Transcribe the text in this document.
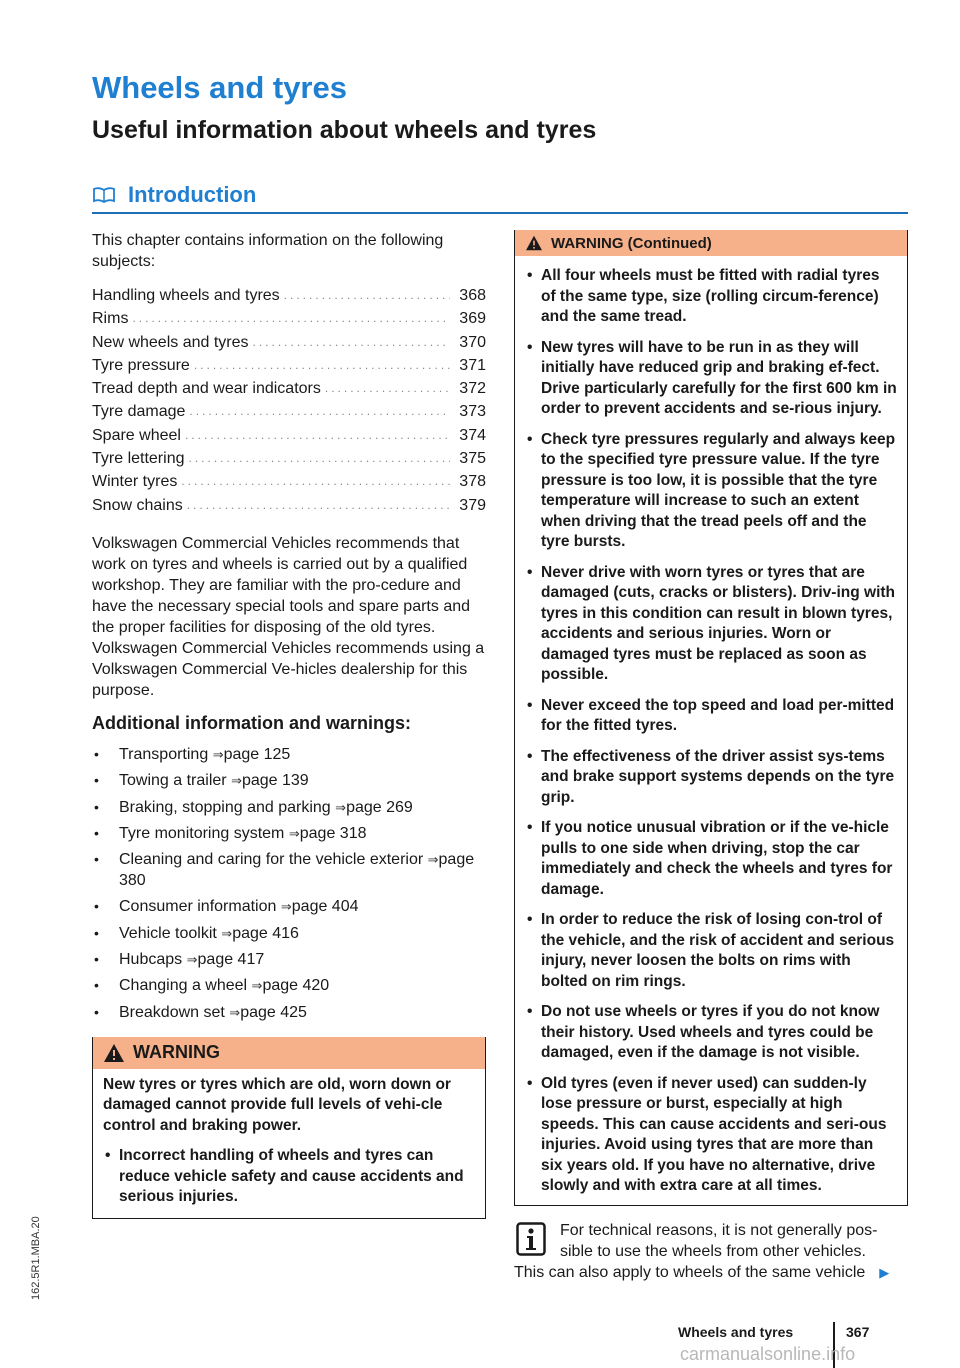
Wheels and tyres
Useful information about wheels and tyres
Introduction

This chapter contains information on the following subjects:

Handling wheels and tyres .....	368
Rims .....	369
New wheels and tyres .....	370
Tyre pressure .....	371
Tread depth and wear indicators .....	372
Tyre damage .....	373
Spare wheel .....	374
Tyre lettering .....	375
Winter tyres .....	378
Snow chains .....	379

Volkswagen Commercial Vehicles recommends that work on tyres and wheels is carried out by a qualified workshop. They are familiar with the pro-cedure and have the necessary special tools and spare parts and the proper facilities for disposing of the old tyres. Volkswagen Commercial Vehicles recommends using a Volkswagen Commercial Ve-hicles dealership for this purpose.

Additional information and warnings:
• Transporting ⇒page 125
• Towing a trailer ⇒page 139
• Braking, stopping and parking ⇒page 269
• Tyre monitoring system ⇒page 318
• Cleaning and caring for the vehicle exterior ⇒page 380
• Consumer information ⇒page 404
• Vehicle toolkit ⇒page 416
• Hubcaps ⇒page 417
• Changing a wheel ⇒page 420
• Breakdown set ⇒page 425
WARNING

New tyres or tyres which are old, worn down or damaged cannot provide full levels of vehi-cle control and braking power.

• Incorrect handling of wheels and tyres can reduce vehicle safety and cause accidents and serious injuries.

WARNING (Continued)

• All four wheels must be fitted with radial tyres of the same type, size (rolling circum-ference) and the same tread.

• New tyres will have to be run in as they will initially have reduced grip and braking ef-fect. Drive particularly carefully for the first 600 km in order to prevent accidents and se-rious injury.

• Check tyre pressures regularly and always keep to the specified tyre pressure value. If the tyre pressure is too low, it is possible that the tyre temperature will increase to such an extent when driving that the tread peels off and the tyre bursts.

• Never drive with worn tyres or tyres that are damaged (cuts, cracks or blisters). Driv-ing with tyres in this condition can result in blown tyres, accidents and serious injuries. Worn or damaged tyres must be replaced as soon as possible.

• Never exceed the top speed and load per-mitted for the fitted tyres.

• The effectiveness of the driver assist sys-tems and brake support systems depends on the tyre grip.

• If you notice unusual vibration or if the ve-hicle pulls to one side when driving, stop the car immediately and check the wheels and tyres for damage.

• In order to reduce the risk of losing con-trol of the vehicle, and the risk of accident and serious injury, never loosen the bolts on rims with bolted on rim rings.

• Do not use wheels or tyres if you do not know their history. Used wheels and tyres could be damaged, even if the damage is not visible.

• Old tyres (even if never used) can sudden-ly lose pressure or burst, especially at high speeds. This can cause accidents and seri-ous injuries. Avoid using tyres that are more than six years old. If you have no alternative, drive slowly and with extra care at all times.

For technical reasons, it is not generally pos-

sible to use the wheels from other vehicles.

This can also apply to wheels of the same vehicle ▶

162.5R1.MBA.20
Wheels and tyres	367
carmanualsonline.info
